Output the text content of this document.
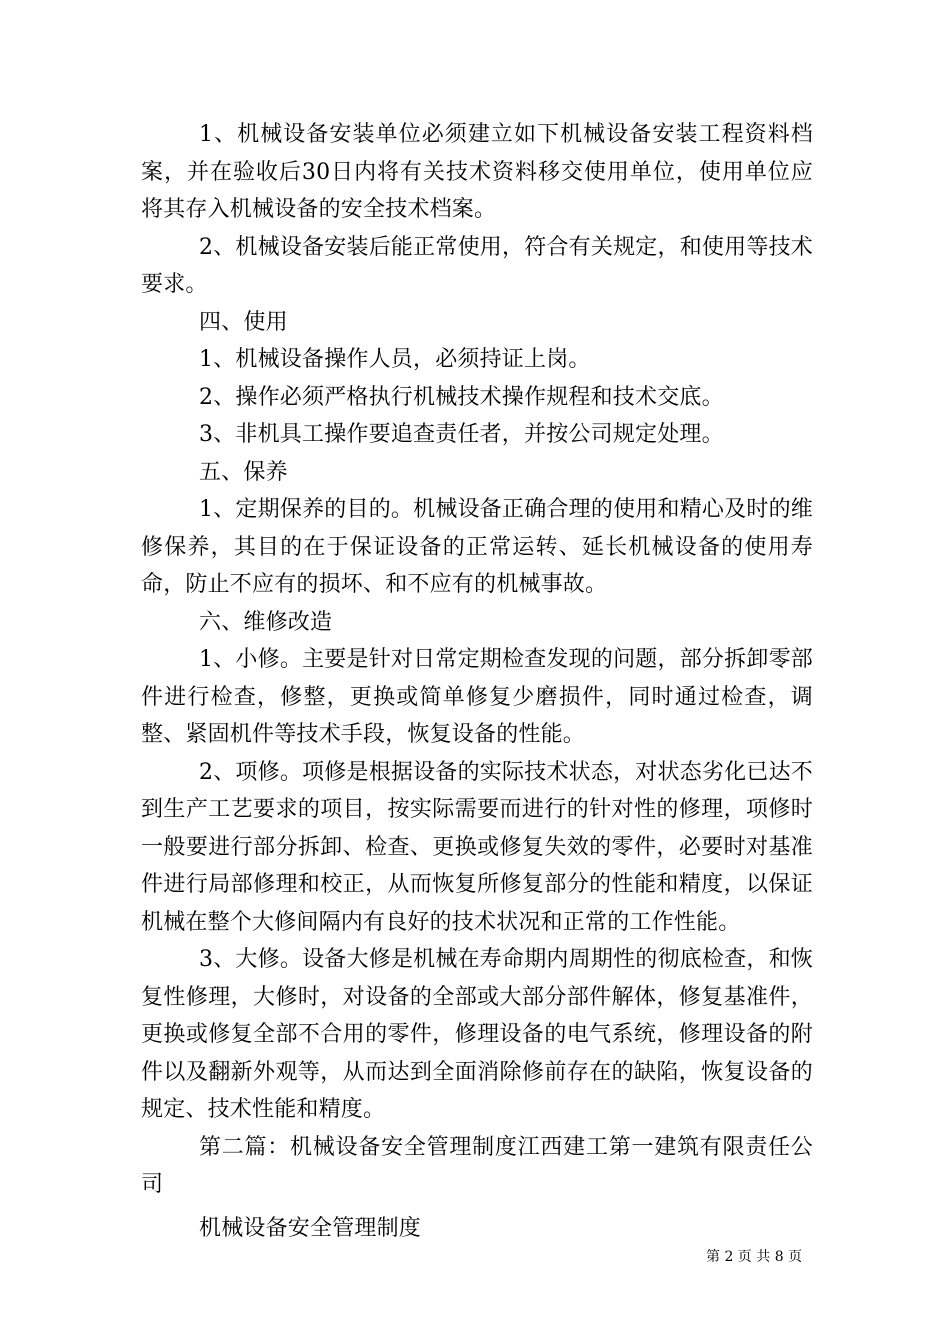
1、机械设备安装单位必须建立如下机械设备安装工程资料档案，并在验收后30日内将有关技术资料移交使用单位，使用单位应将其存入机械设备的安全技术档案。

2、机械设备安装后能正常使用，符合有关规定，和使用等技术要求。

四、使用

1、机械设备操作人员，必须持证上岗。

2、操作必须严格执行机械技术操作规程和技术交底。

3、非机具工操作要追查责任者，并按公司规定处理。

五、保养

1、定期保养的目的。机械设备正确合理的使用和精心及时的维修保养，其目的在于保证设备的正常运转、延长机械设备的使用寿命，防止不应有的损坏、和不应有的机械事故。

六、维修改造

1、小修。主要是针对日常定期检查发现的问题，部分拆卸零部件进行检查，修整，更换或简单修复少磨损件，同时通过检查，调整、紧固机件等技术手段，恢复设备的性能。

2、项修。项修是根据设备的实际技术状态，对状态劣化已达不到生产工艺要求的项目，按实际需要而进行的针对性的修理，项修时一般要进行部分拆卸、检查、更换或修复失效的零件，必要时对基准件进行局部修理和校正，从而恢复所修复部分的性能和精度，以保证机械在整个大修间隔内有良好的技术状况和正常的工作性能。

3、大修。设备大修是机械在寿命期内周期性的彻底检查，和恢复性修理，大修时，对设备的全部或大部分部件解体，修复基准件，更换或修复全部不合用的零件，修理设备的电气系统，修理设备的附件以及翻新外观等，从而达到全面消除修前存在的缺陷，恢复设备的规定、技术性能和精度。

第二篇：机械设备安全管理制度江西建工第一建筑有限责任公司

机械设备安全管理制度

第 2 页 共 8 页
